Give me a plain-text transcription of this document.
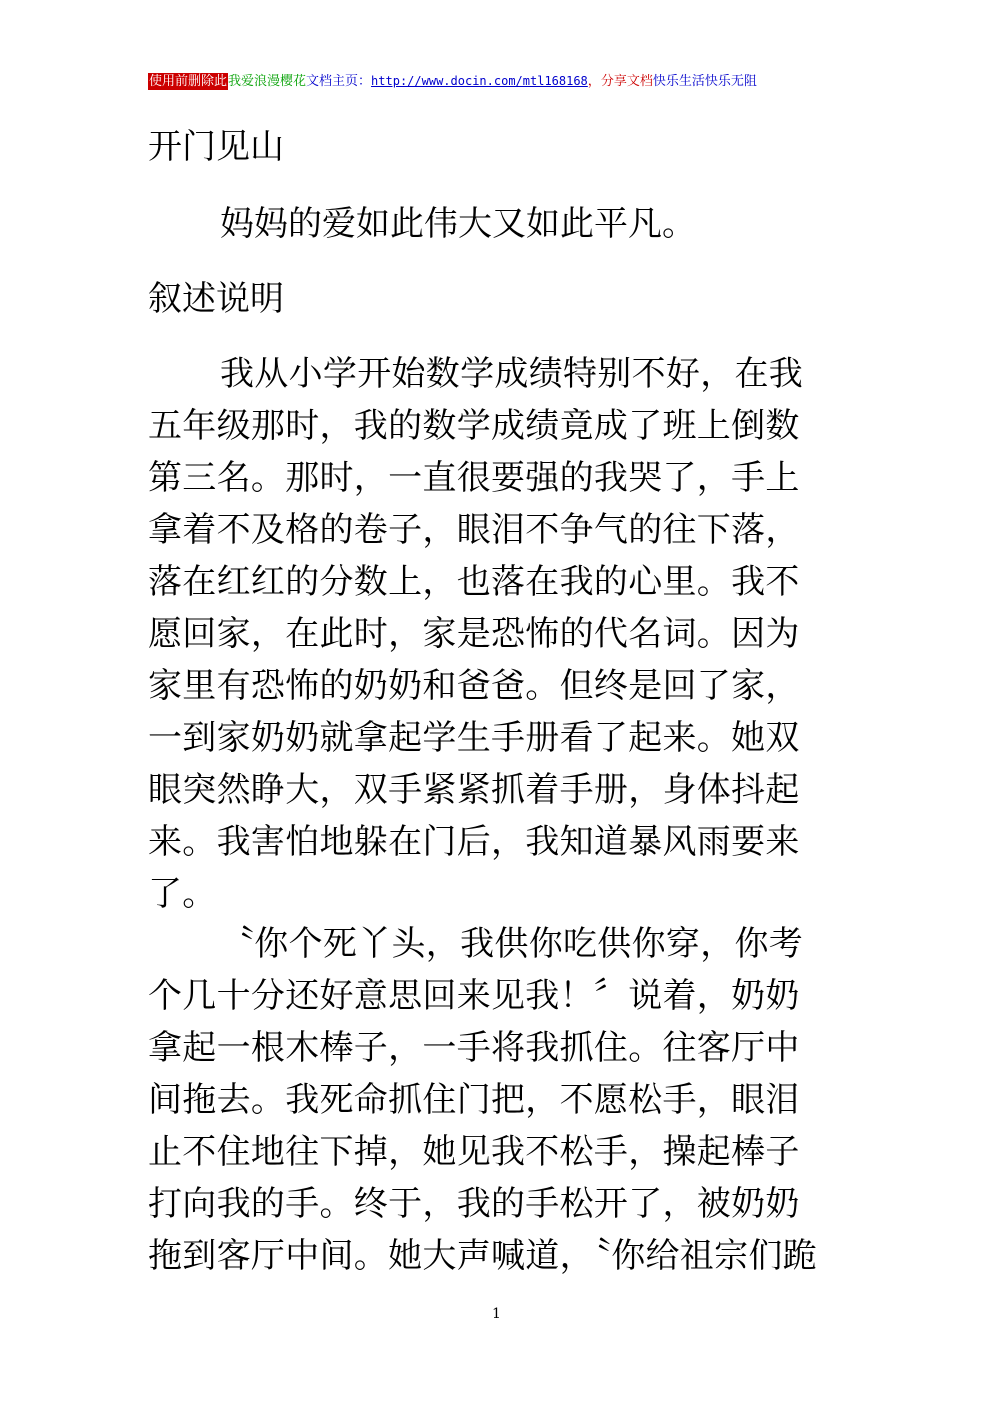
使用前删除此我爱浪漫樱花文档主页：http://www.docin.com/mtl168168，分享文档快乐生活快乐无阻
开门见山

妈妈的爱如此伟大又如此平凡。

叙述说明
我从小学开始数学成绩特别不好，在我
五年级那时，我的数学成绩竟成了班上倒数
第三名。那时，一直很要强的我哭了，手上
拿着不及格的卷子，眼泪不争气的往下落，
落在红红的分数上，也落在我的心里。我不
愿回家，在此时，家是恐怖的代名词。因为
家里有恐怖的奶奶和爸爸。但终是回了家，
一到家奶奶就拿起学生手册看了起来。她双
眼突然睁大，双手紧紧抓着手册，身体抖起
来。我害怕地躲在门后，我知道暴风雨要来
了。
〝你个死丫头，我供你吃供你穿，你考
个几十分还好意思回来见我！〞说着，奶奶
拿起一根木棒子，一手将我抓住。往客厅中
间拖去。我死命抓住门把，不愿松手，眼泪
止不住地往下掉，她见我不松手，操起棒子
打向我的手。终于，我的手松开了，被奶奶
拖到客厅中间。她大声喊道，〝你给祖宗们跪
1
